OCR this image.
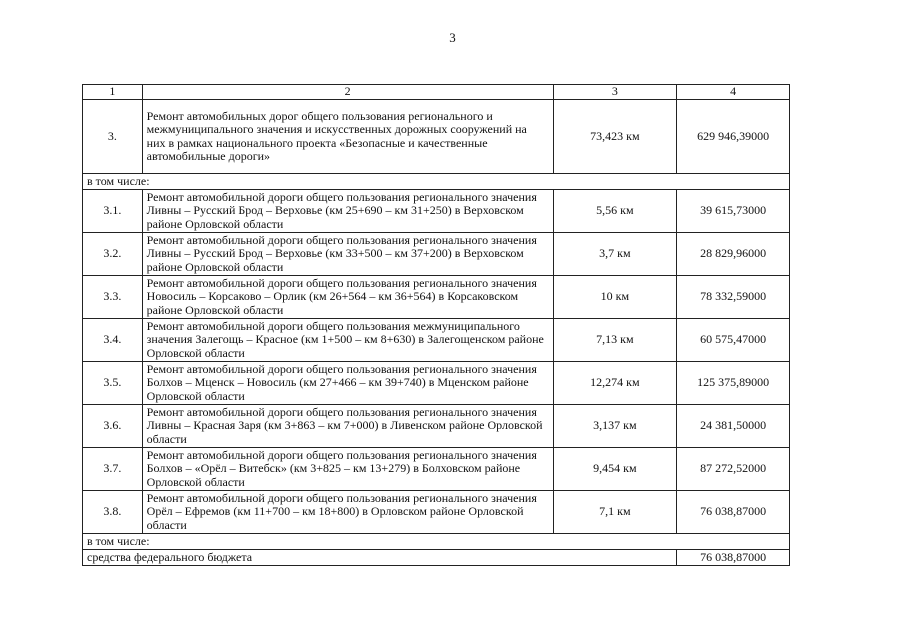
3
1	2	3	4
3.	Ремонт автомобильных дорог общего пользования регионального и межмуниципального значения и искусственных дорожных сооружений на них в рамках национального проекта «Безопасные и качественные автомобильные дороги»	73,423 км	629 946,39000
в том числе:			
3.1.	Ремонт автомобильной дороги общего пользования регионального значения Ливны – Русский Брод – Верховье (км 25+690 – км 31+250) в Верховском районе Орловской области	5,56 км	39 615,73000
3.2.	Ремонт автомобильной дороги общего пользования регионального значения Ливны – Русский Брод – Верховье (км 33+500 – км 37+200) в Верховском районе Орловской области	3,7 км	28 829,96000
3.3.	Ремонт автомобильной дороги общего пользования регионального значения Новосиль – Корсаково – Орлик (км 26+564 – км 36+564) в Корсаковском районе Орловской области	10 км	78 332,59000
3.4.	Ремонт автомобильной дороги общего пользования межмуниципального значения Залегощь – Красное (км 1+500 – км 8+630) в Залегощенском районе Орловской области	7,13 км	60 575,47000
3.5.	Ремонт автомобильной дороги общего пользования регионального значения Болхов – Мценск – Новосиль (км 27+466 – км 39+740) в Мценском районе Орловской области	12,274 км	125 375,89000
3.6.	Ремонт автомобильной дороги общего пользования регионального значения Ливны – Красная Заря (км 3+863 – км 7+000) в Ливенском районе Орловской области	3,137 км	24 381,50000
3.7.	Ремонт автомобильной дороги общего пользования регионального значения Болхов – «Орёл – Витебск» (км 3+825 – км 13+279) в Болховском районе Орловской области	9,454 км	87 272,52000
3.8.	Ремонт автомобильной дороги общего пользования регионального значения Орёл – Ефремов (км 11+700 – км 18+800) в Орловском районе Орловской области	7,1 км	76 038,87000
в том числе:			
средства федерального бюджета			76 038,87000
